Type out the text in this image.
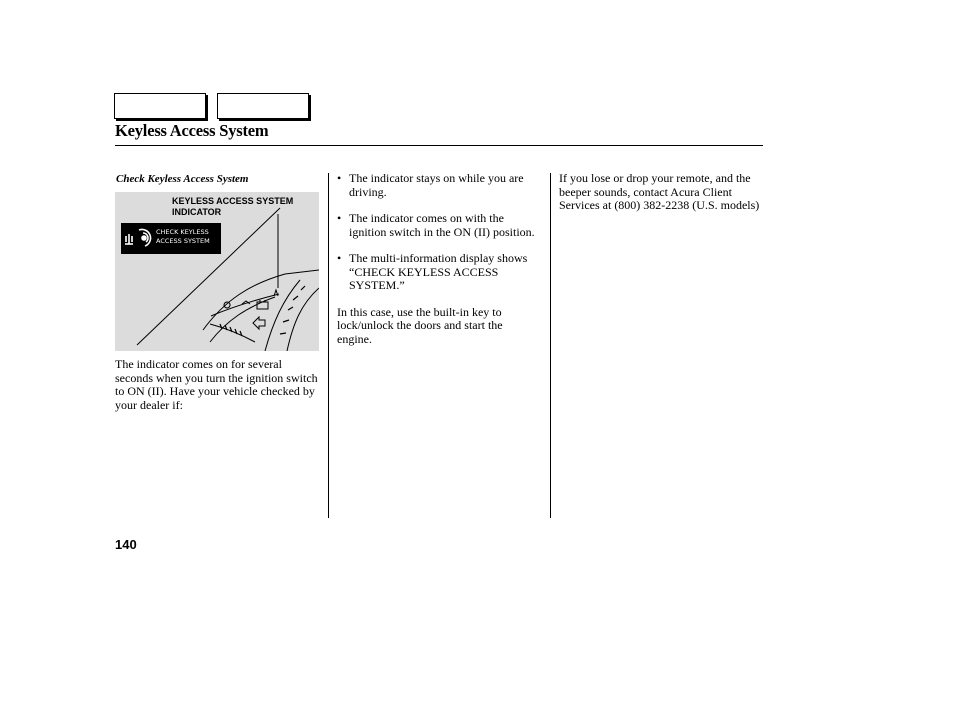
Keyless Access System
Check Keyless Access System
KEYLESS ACCESS SYSTEM
INDICATOR
CHECK KEYLESS
ACCESS SYSTEM
The indicator comes on for several seconds when you turn the ignition switch to ON (II). Have your vehicle checked by your dealer if:
• The indicator stays on while you are driving.
• The indicator comes on with the ignition switch in the ON (II) position.
• The multi-information display shows “CHECK KEYLESS ACCESS SYSTEM.”
In this case, use the built-in key to lock/unlock the doors and start the engine.
If you lose or drop your remote, and the beeper sounds, contact Acura Client Services at (800) 382-2238 (U.S. models)
140
